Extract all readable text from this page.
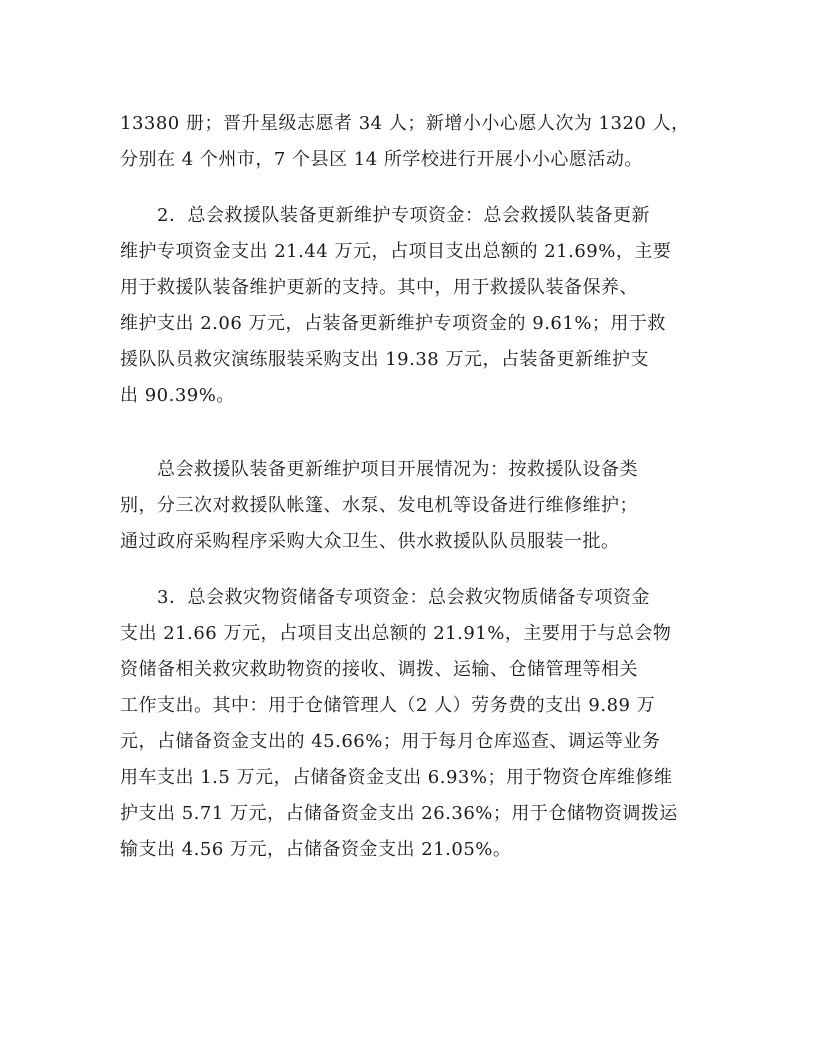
13380 册；晋升星级志愿者 34 人；新增小小心愿人次为 1320 人，
分别在 4 个州市，7 个县区 14 所学校进行开展小小心愿活动。
　　2．总会救援队装备更新维护专项资金：总会救援队装备更新
维护专项资金支出 21.44 万元，占项目支出总额的 21.69%，主要
用于救援队装备维护更新的支持。其中，用于救援队装备保养、
维护支出 2.06 万元，占装备更新维护专项资金的 9.61%；用于救
援队队员救灾演练服装采购支出 19.38 万元，占装备更新维护支
出 90.39%。
　　总会救援队装备更新维护项目开展情况为：按救援队设备类
别，分三次对救援队帐篷、水泵、发电机等设备进行维修维护；
通过政府采购程序采购大众卫生、供水救援队队员服装一批。
　　3．总会救灾物资储备专项资金：总会救灾物质储备专项资金
支出 21.66 万元，占项目支出总额的 21.91%，主要用于与总会物
资储备相关救灾救助物资的接收、调拨、运输、仓储管理等相关
工作支出。其中：用于仓储管理人（2 人）劳务费的支出 9.89 万
元，占储备资金支出的 45.66%；用于每月仓库巡查、调运等业务
用车支出 1.5 万元，占储备资金支出 6.93%；用于物资仓库维修维
护支出 5.71 万元，占储备资金支出 26.36%；用于仓储物资调拨运
输支出 4.56 万元，占储备资金支出 21.05%。
